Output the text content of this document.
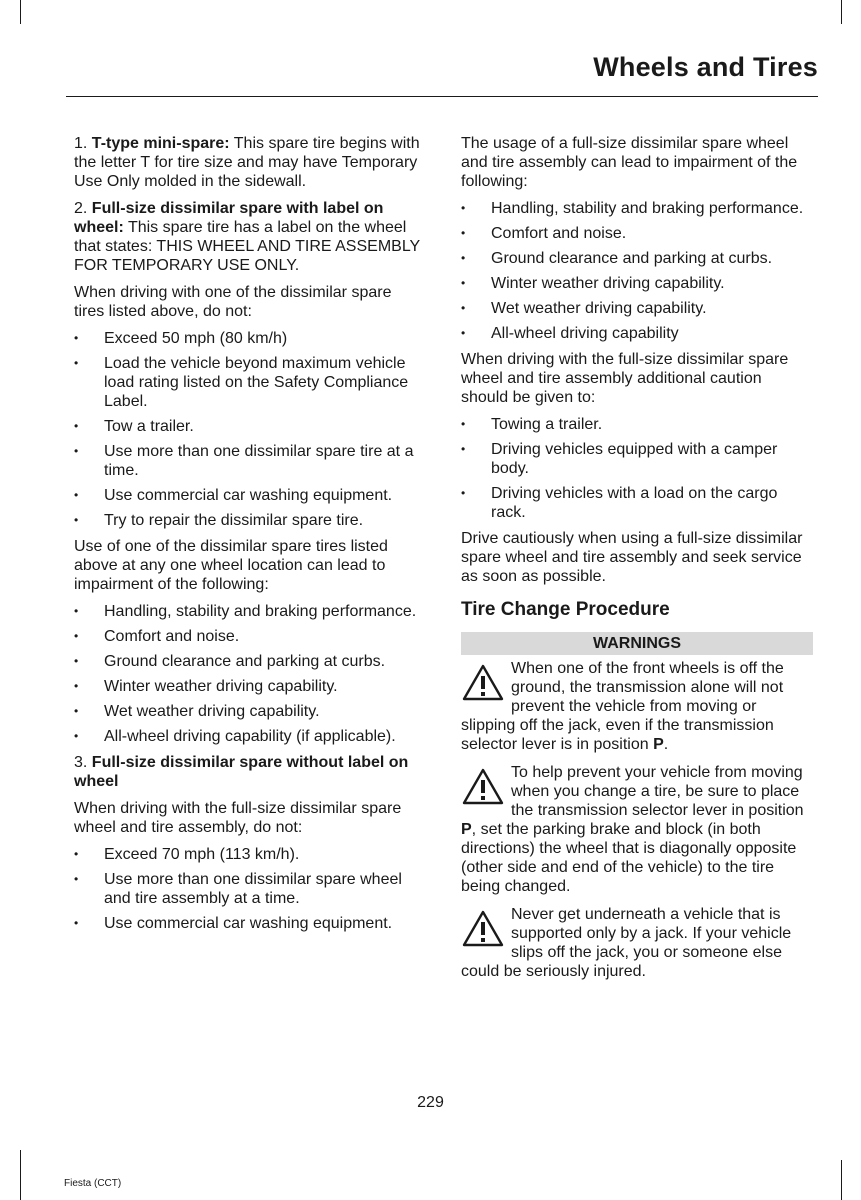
Wheels and Tires

1. T-type mini-spare: This spare tire begins with the letter T for tire size and may have Temporary Use Only molded in the sidewall.

2. Full-size dissimilar spare with label on wheel: This spare tire has a label on the wheel that states: THIS WHEEL AND TIRE ASSEMBLY FOR TEMPORARY USE ONLY.

When driving with one of the dissimilar spare tires listed above, do not:

• Exceed 50 mph (80 km/h)
• Load the vehicle beyond maximum vehicle load rating listed on the Safety Compliance Label.
• Tow a trailer.
• Use more than one dissimilar spare tire at a time.
• Use commercial car washing equipment.
• Try to repair the dissimilar spare tire.

Use of one of the dissimilar spare tires listed above at any one wheel location can lead to impairment of the following:

• Handling, stability and braking performance.
• Comfort and noise.
• Ground clearance and parking at curbs.
• Winter weather driving capability.
• Wet weather driving capability.
• All-wheel driving capability (if applicable).

3. Full-size dissimilar spare without label on wheel

When driving with the full-size dissimilar spare wheel and tire assembly, do not:

• Exceed 70 mph (113 km/h).
• Use more than one dissimilar spare wheel and tire assembly at a time.
• Use commercial car washing equipment.

The usage of a full-size dissimilar spare wheel and tire assembly can lead to impairment of the following:

• Handling, stability and braking performance.
• Comfort and noise.
• Ground clearance and parking at curbs.
• Winter weather driving capability.
• Wet weather driving capability.
• All-wheel driving capability

When driving with the full-size dissimilar spare wheel and tire assembly additional caution should be given to:

• Towing a trailer.
• Driving vehicles equipped with a camper body.
• Driving vehicles with a load on the cargo rack.

Drive cautiously when using a full-size dissimilar spare wheel and tire assembly and seek service as soon as possible.

Tire Change Procedure
WARNINGS
When one of the front wheels is off the ground, the transmission alone will not prevent the vehicle from moving or slipping off the jack, even if the transmission selector lever is in position P.
To help prevent your vehicle from moving when you change a tire, be sure to place the transmission selector lever in position P, set the parking brake and block (in both directions) the wheel that is diagonally opposite (other side and end of the vehicle) to the tire being changed.
Never get underneath a vehicle that is supported only by a jack. If your vehicle slips off the jack, you or someone else could be seriously injured.
229
Fiesta (CCT)
